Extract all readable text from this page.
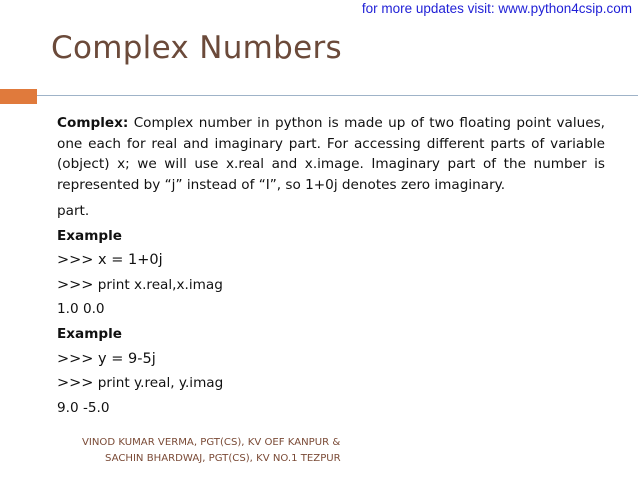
for more updates visit: www.python4csip.com
Complex Numbers

Complex: Complex number in python is made up of two floating point values, one each for real and imaginary part. For accessing different parts of variable (object) x; we will use x.real and x.image. Imaginary part of the number is represented by “j” instead of “I”, so 1+0j denotes zero imaginary.

part.

Example

>>> x = 1+0j

>>> print x.real,x.imag

1.0 0.0

Example

>>> y = 9-5j

>>> print y.real, y.imag

9.0 -5.0

VINOD KUMAR VERMA, PGT(CS), KV OEF KANPUR &
SACHIN BHARDWAJ, PGT(CS), KV NO.1 TEZPUR
